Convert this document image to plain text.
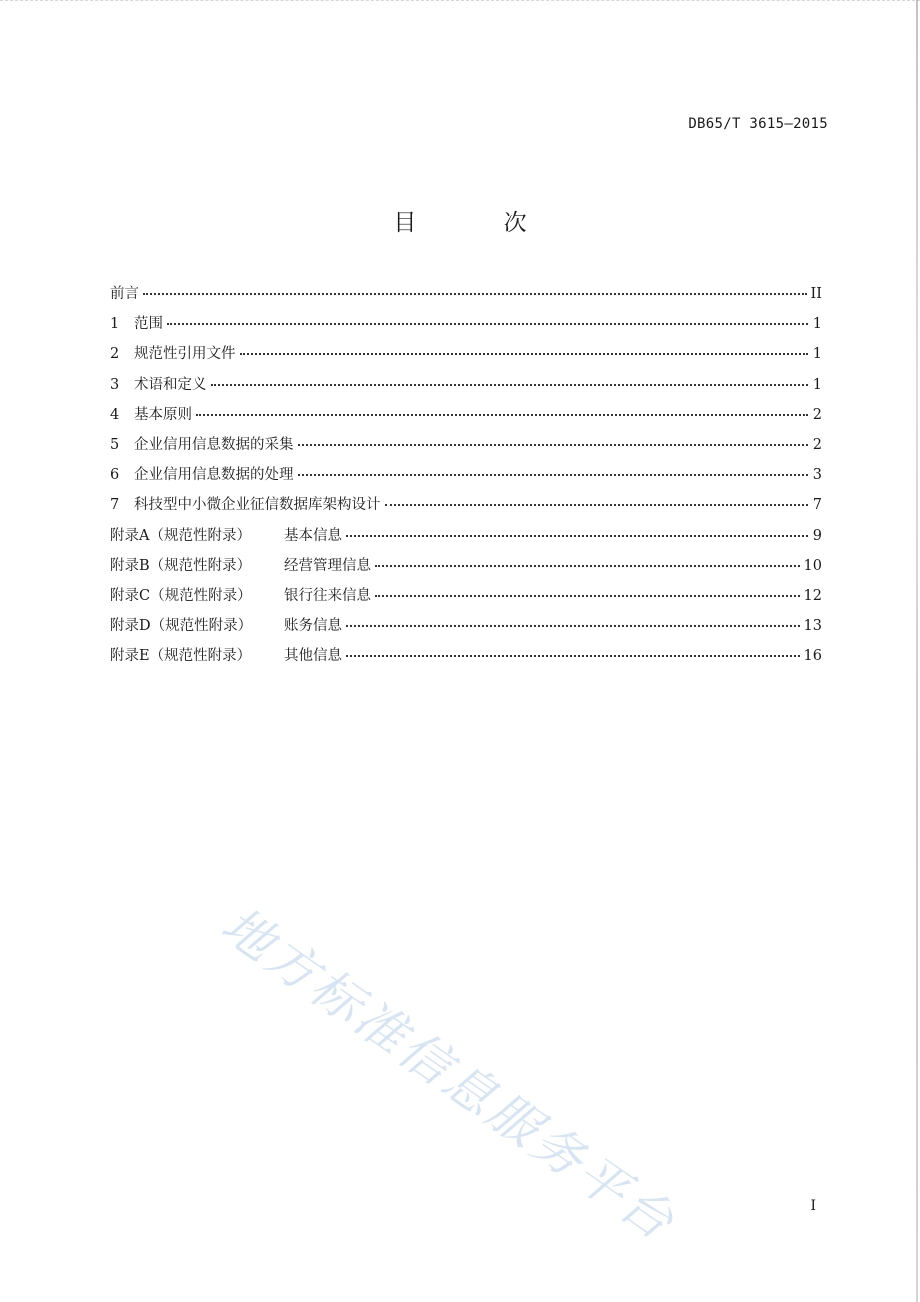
DB65/T 3615—2015
目 次
前言	II
1	范围	1
2	规范性引用文件	1
3	术语和定义	1
4	基本原则	2
5	企业信用信息数据的采集	2
6	企业信用信息数据的处理	3
7	科技型中小微企业征信数据库架构设计	7
附录A（规范性附录）	基本信息	9
附录B（规范性附录）	经营管理信息	10
附录C（规范性附录）	银行往来信息	12
附录D（规范性附录）	账务信息	13
附录E（规范性附录）	其他信息	16
地方标准信息服务平台	I
